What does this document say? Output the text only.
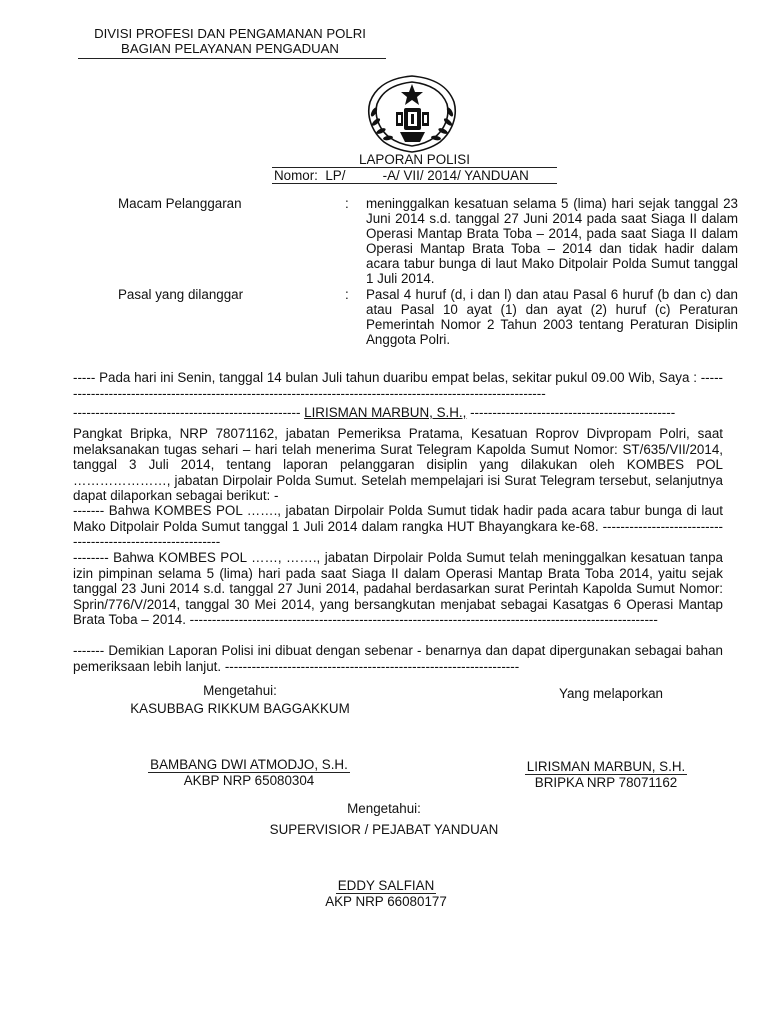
DIVISI PROFESI DAN PENGAMANAN POLRI
BAGIAN PELAYANAN PENGADUAN
LAPORAN POLISI
Nomor:  LP/          -A/ VII/ 2014/ YANDUAN
Macam Pelanggaran	: meninggalkan kesatuan selama 5 (lima) hari sejak tanggal 23 Juni 2014 s.d. tanggal 27 Juni 2014 pada saat Siaga II dalam Operasi Mantap Brata Toba – 2014, pada saat Siaga II dalam Operasi Mantap Brata Toba – 2014 dan tidak hadir dalam acara tabur bunga di laut Mako Ditpolair Polda Sumut tanggal 1 Juli 2014.
Pasal yang dilanggar	: Pasal 4 huruf (d, i dan l) dan atau Pasal 6 huruf (b dan c) dan atau Pasal 10 ayat (1) dan ayat (2) huruf (c) Peraturan Pemerintah Nomor 2 Tahun 2003 tentang Peraturan Disiplin Anggota Polri.

----- Pada hari ini Senin, tanggal 14 bulan Juli tahun duaribu empat belas, sekitar pukul 09.00 Wib, Saya : ---------------------------------------------------------------------------------------------------------------

--------------------------------------------------- LIRISMAN MARBUN, S.H., ----------------------------------------------

Pangkat Bripka, NRP 78071162, jabatan Pemeriksa Pratama, Kesatuan Roprov Divpropam Polri, saat melaksanakan tugas sehari – hari telah menerima Surat Telegram Kapolda Sumut Nomor: ST/635/VII/2014, tanggal 3 Juli 2014, tentang laporan pelanggaran disiplin yang dilakukan oleh KOMBES POL …………………, jabatan Dirpolair Polda Sumut. Setelah mempelajari isi Surat Telegram tersebut, selanjutnya dapat dilaporkan sebagai berikut: -

------- Bahwa KOMBES POL ……., jabatan Dirpolair Polda Sumut tidak hadir pada acara tabur bunga di laut Mako Ditpolair Polda Sumut tanggal 1 Juli 2014 dalam rangka HUT Bhayangkara ke-68. ------------------------------------------------------------

-------- Bahwa KOMBES POL ……, ……., jabatan Dirpolair Polda Sumut telah meninggalkan kesatuan tanpa izin pimpinan selama 5 (lima) hari pada saat Siaga II dalam Operasi Mantap Brata Toba 2014, yaitu sejak tanggal 23 Juni 2014 s.d. tanggal 27 Juni 2014, padahal berdasarkan surat Perintah Kapolda Sumut Nomor: Sprin/776/V/2014, tanggal 30 Mei 2014, yang bersangkutan menjabat sebagai Kasatgas 6 Operasi Mantap Brata Toba – 2014. ---------------------------------------------------------------------------------------------------------

------- Demikian Laporan Polisi ini dibuat dengan sebenar - benarnya dan dapat dipergunakan sebagai bahan pemeriksaan lebih lanjut. ------------------------------------------------------------------

Mengetahui:
KASUBBAG RIKKUM BAGGAKKUM
BAMBANG DWI ATMODJO, S.H.
AKBP NRP 65080304
Yang melaporkan
LIRISMAN MARBUN, S.H.
BRIPKA NRP 78071162
Mengetahui:
SUPERVISIOR / PEJABAT YANDUAN
EDDY SALFIAN
AKP NRP 66080177
